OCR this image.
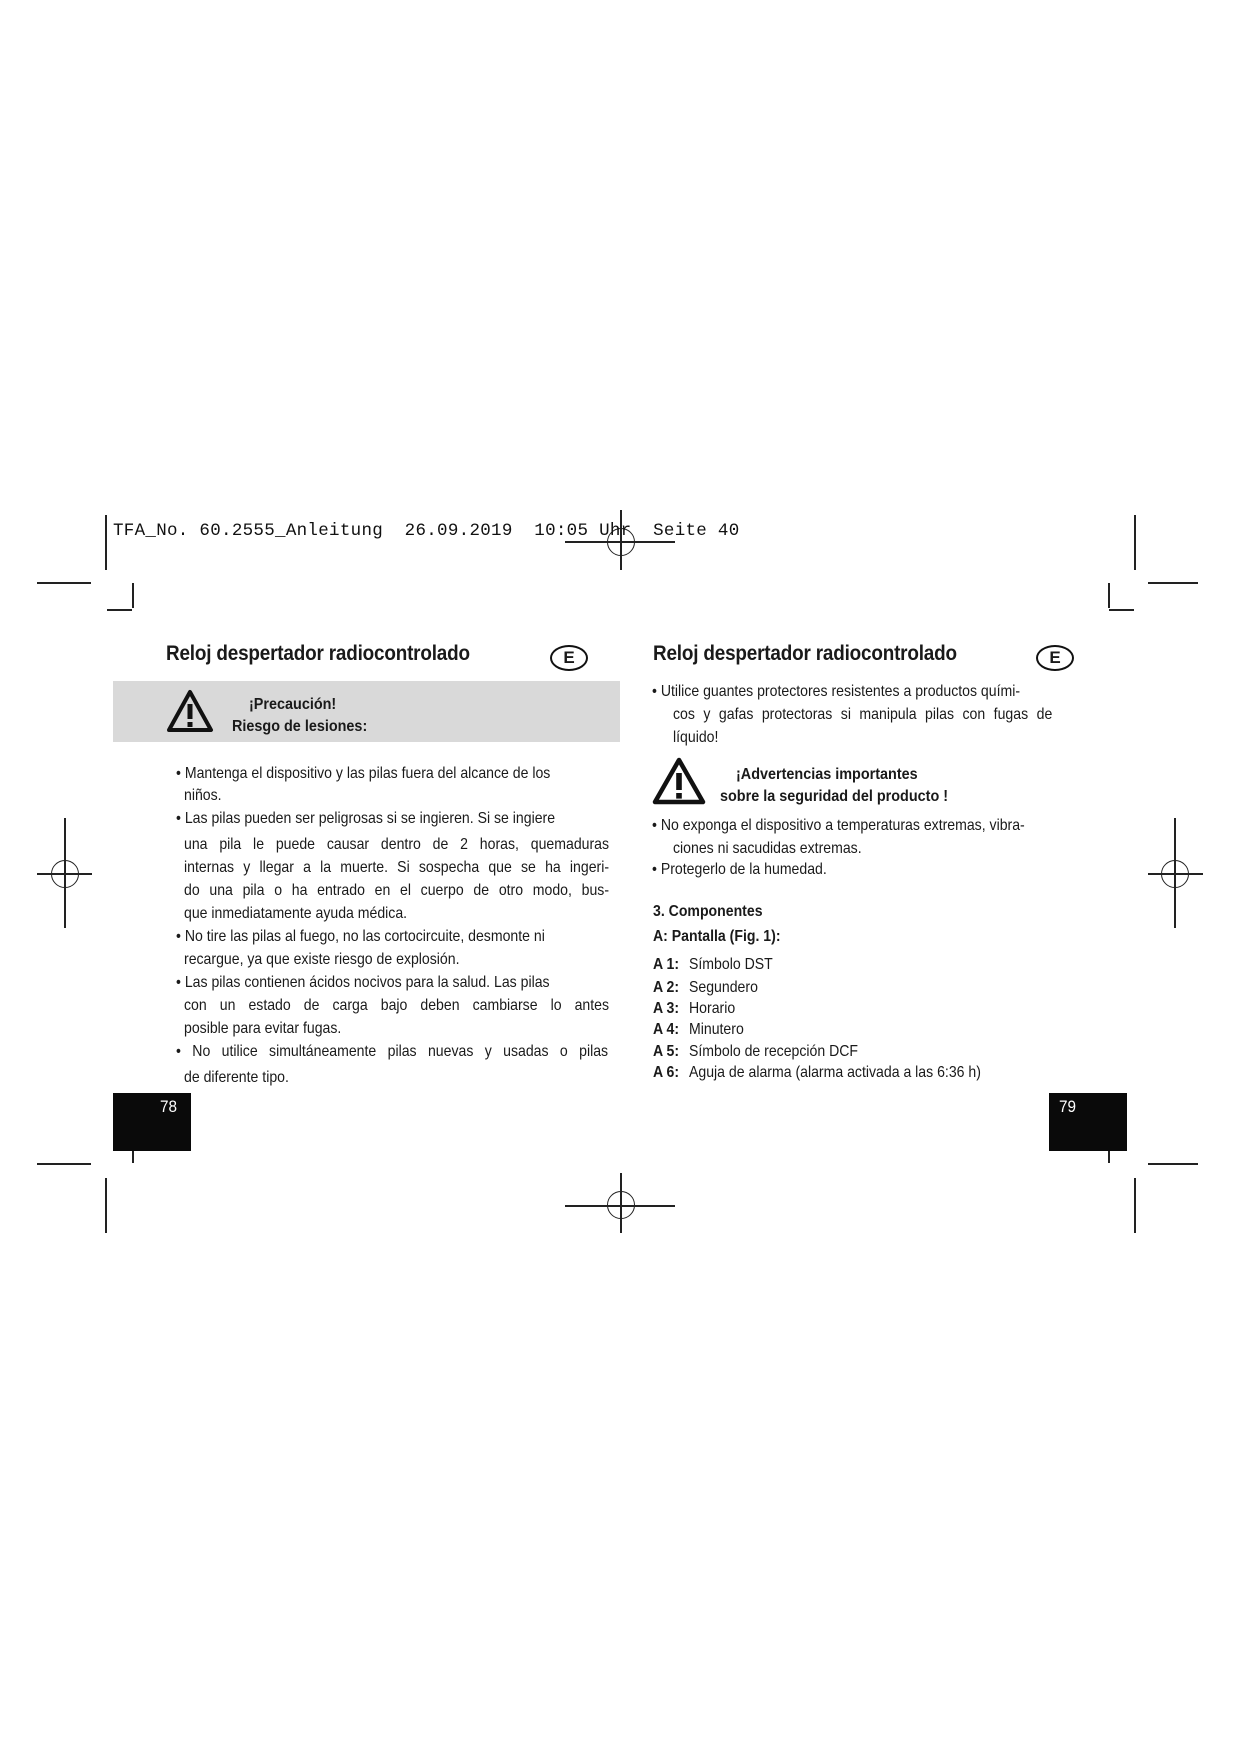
TFA_No. 60.2555_Anleitung  26.09.2019  10:05 Uhr  Seite 40
Reloj despertador radiocontrolado	E
¡Precaución!
Riesgo de lesiones:
• Mantenga el dispositivo y las pilas fuera del alcance de los
niños.
• Las pilas pueden ser peligrosas si se ingieren. Si se ingiere
una pila le puede causar dentro de 2 horas, quemaduras
internas y llegar a la muerte. Si sospecha que se ha ingeri-
do una pila o ha entrado en el cuerpo de otro modo, bus-
que inmediatamente ayuda médica.
• No tire las pilas al fuego, no las cortocircuite, desmonte ni
recargue, ya que existe riesgo de explosión.
• Las pilas contienen ácidos nocivos para la salud. Las pilas
con un estado de carga bajo deben cambiarse lo antes
posible para evitar fugas.
• No utilice simultáneamente pilas nuevas y usadas o pilas
de diferente tipo.
78
Reloj despertador radiocontrolado	E
• Utilice guantes protectores resistentes a productos quími-
cos y gafas protectoras si manipula pilas con fugas de
líquido!
¡Advertencias importantes
sobre la seguridad del producto !
• No exponga el dispositivo a temperaturas extremas, vibra-
ciones ni sacudidas extremas.
• Protegerlo de la humedad.
3. Componentes
A: Pantalla (Fig. 1):
A 1: Símbolo DST
A 2: Segundero
A 3: Horario
A 4: Minutero
A 5: Símbolo de recepción DCF
A 6: Aguja de alarma (alarma activada a las 6:36 h)
79
